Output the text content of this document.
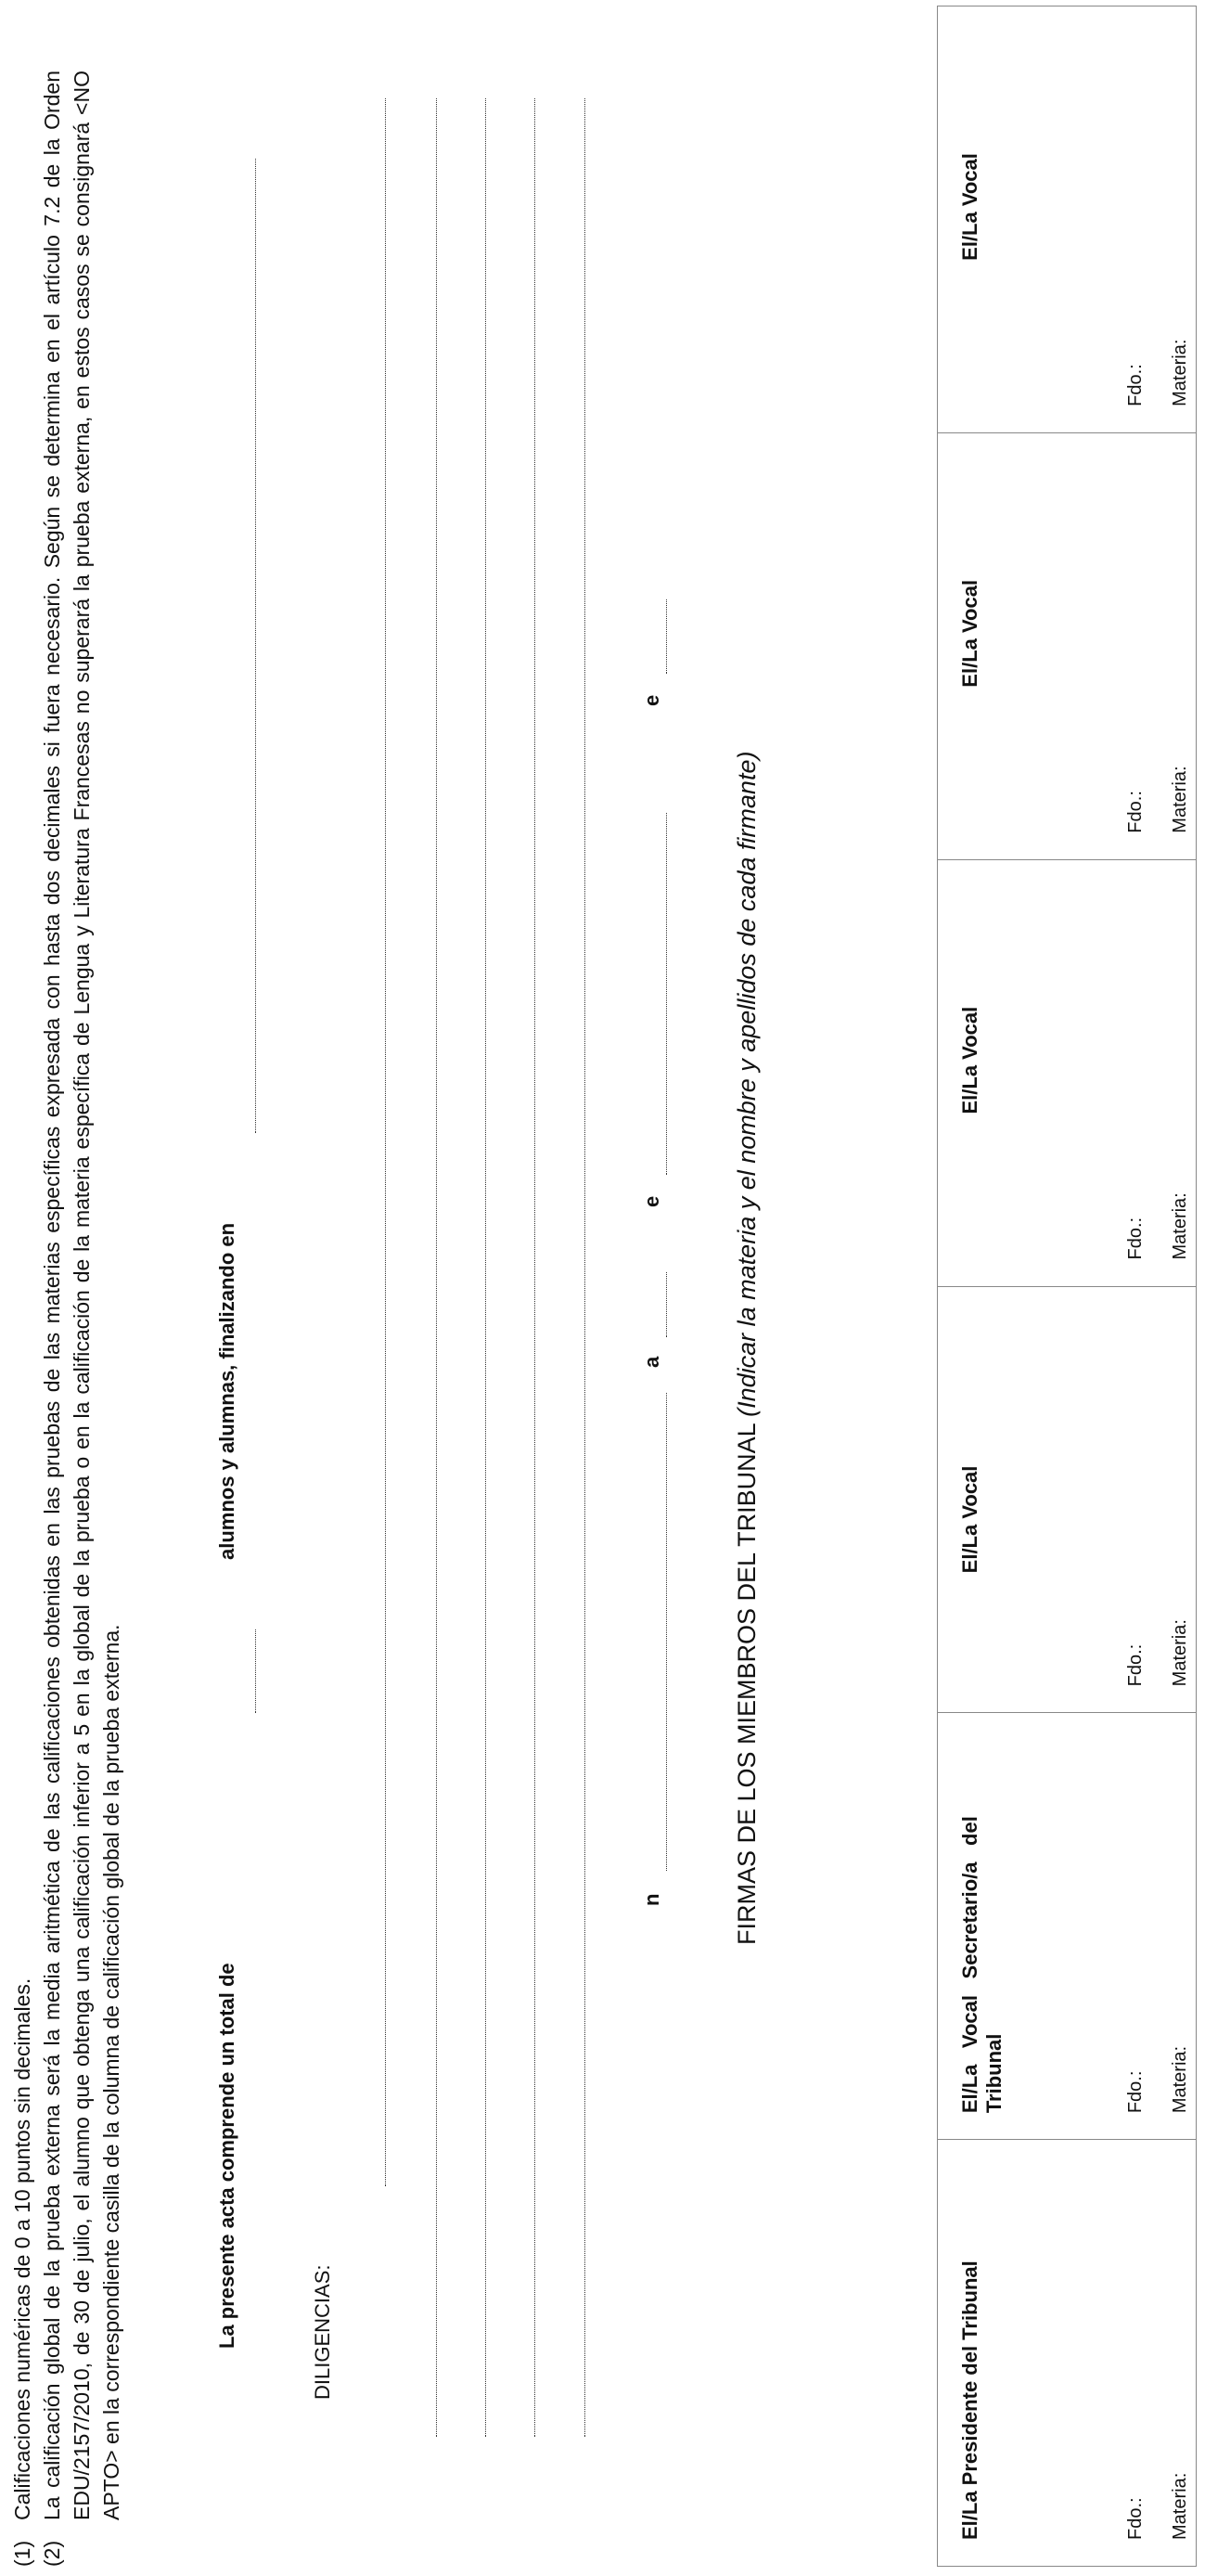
(1)
Calificaciones numéricas de 0 a 10 puntos sin decimales.
(2)
La calificación global de la prueba externa será la media aritmética de las calificaciones obtenidas en las pruebas de las materias específicas expresada con hasta dos decimales si fuera necesario. Según se determina en el artículo 7.2 de la Orden EDU/2157/2010, de 30 de julio, el alumno que obtenga una calificación inferior a 5 en la global de la prueba o en la calificación de la materia específica de Lengua y Literatura Francesas no superará la prueba externa, en estos casos se consignará <NO APTO> en la correspondiente casilla de la columna de calificación global de la prueba externa.	La presente acta comprende un total de
alumnos y alumnas, finalizando en
DILIGENCIAS:
n
a
e
e
FIRMAS DE LOS MIEMBROS DEL TRIBUNAL (Indicar la materia y el nombre y apellidos de cada firmante)
El/La Presidente del Tribunal	Fdo.: Materia:

El/La Vocal Secretario/a del Tribunal	Fdo.: Materia:

El/La Vocal
Fdo.: Materia:

El/La Vocal
Fdo.: Materia:

El/La Vocal
Fdo.: Materia:

El/La Vocal
Fdo.: Materia:
